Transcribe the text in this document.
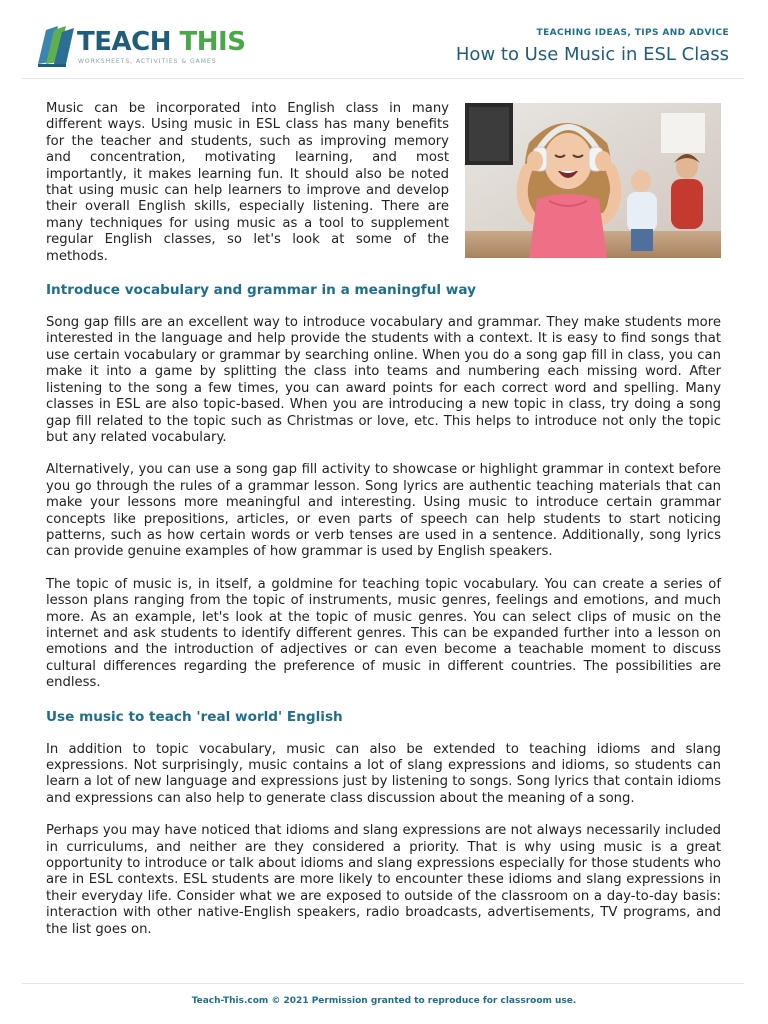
TEACH THIS
WORKSHEETS, ACTIVITIES & GAMES
TEACHING IDEAS, TIPS AND ADVICE
How to Use Music in ESL Class

Music can be incorporated into English class in many different ways. Using music in ESL class has many benefits for the teacher and students, such as improving memory and concentration, motivating learning, and most importantly, it makes learning fun. It should also be noted that using music can help learners to improve and develop their overall English skills, especially listening. There are many techniques for using music as a tool to supplement regular English classes, so let's look at some of the methods.

Introduce vocabulary and grammar in a meaningful way

Song gap fills are an excellent way to introduce vocabulary and grammar. They make students more interested in the language and help provide the students with a context. It is easy to find songs that use certain vocabulary or grammar by searching online. When you do a song gap fill in class, you can make it into a game by splitting the class into teams and numbering each missing word. After listening to the song a few times, you can award points for each correct word and spelling. Many classes in ESL are also topic-based. When you are introducing a new topic in class, try doing a song gap fill related to the topic such as Christmas or love, etc. This helps to introduce not only the topic but any related vocabulary.

Alternatively, you can use a song gap fill activity to showcase or highlight grammar in context before you go through the rules of a grammar lesson. Song lyrics are authentic teaching materials that can make your lessons more meaningful and interesting. Using music to introduce certain grammar concepts like prepositions, articles, or even parts of speech can help students to start noticing patterns, such as how certain words or verb tenses are used in a sentence. Additionally, song lyrics can provide genuine examples of how grammar is used by English speakers.

The topic of music is, in itself, a goldmine for teaching topic vocabulary. You can create a series of lesson plans ranging from the topic of instruments, music genres, feelings and emotions, and much more. As an example, let's look at the topic of music genres. You can select clips of music on the internet and ask students to identify different genres. This can be expanded further into a lesson on emotions and the introduction of adjectives or can even become a teachable moment to discuss cultural differences regarding the preference of music in different countries. The possibilities are endless.

Use music to teach 'real world' English

In addition to topic vocabulary, music can also be extended to teaching idioms and slang expressions. Not surprisingly, music contains a lot of slang expressions and idioms, so students can learn a lot of new language and expressions just by listening to songs. Song lyrics that contain idioms and expressions can also help to generate class discussion about the meaning of a song.

Perhaps you may have noticed that idioms and slang expressions are not always necessarily included in curriculums, and neither are they considered a priority. That is why using music is a great opportunity to introduce or talk about idioms and slang expressions especially for those students who are in ESL contexts. ESL students are more likely to encounter these idioms and slang expressions in their everyday life. Consider what we are exposed to outside of the classroom on a day-to-day basis: interaction with other native-English speakers, radio broadcasts, advertisements, TV programs, and the list goes on.

Teach-This.com © 2021 Permission granted to reproduce for classroom use.
